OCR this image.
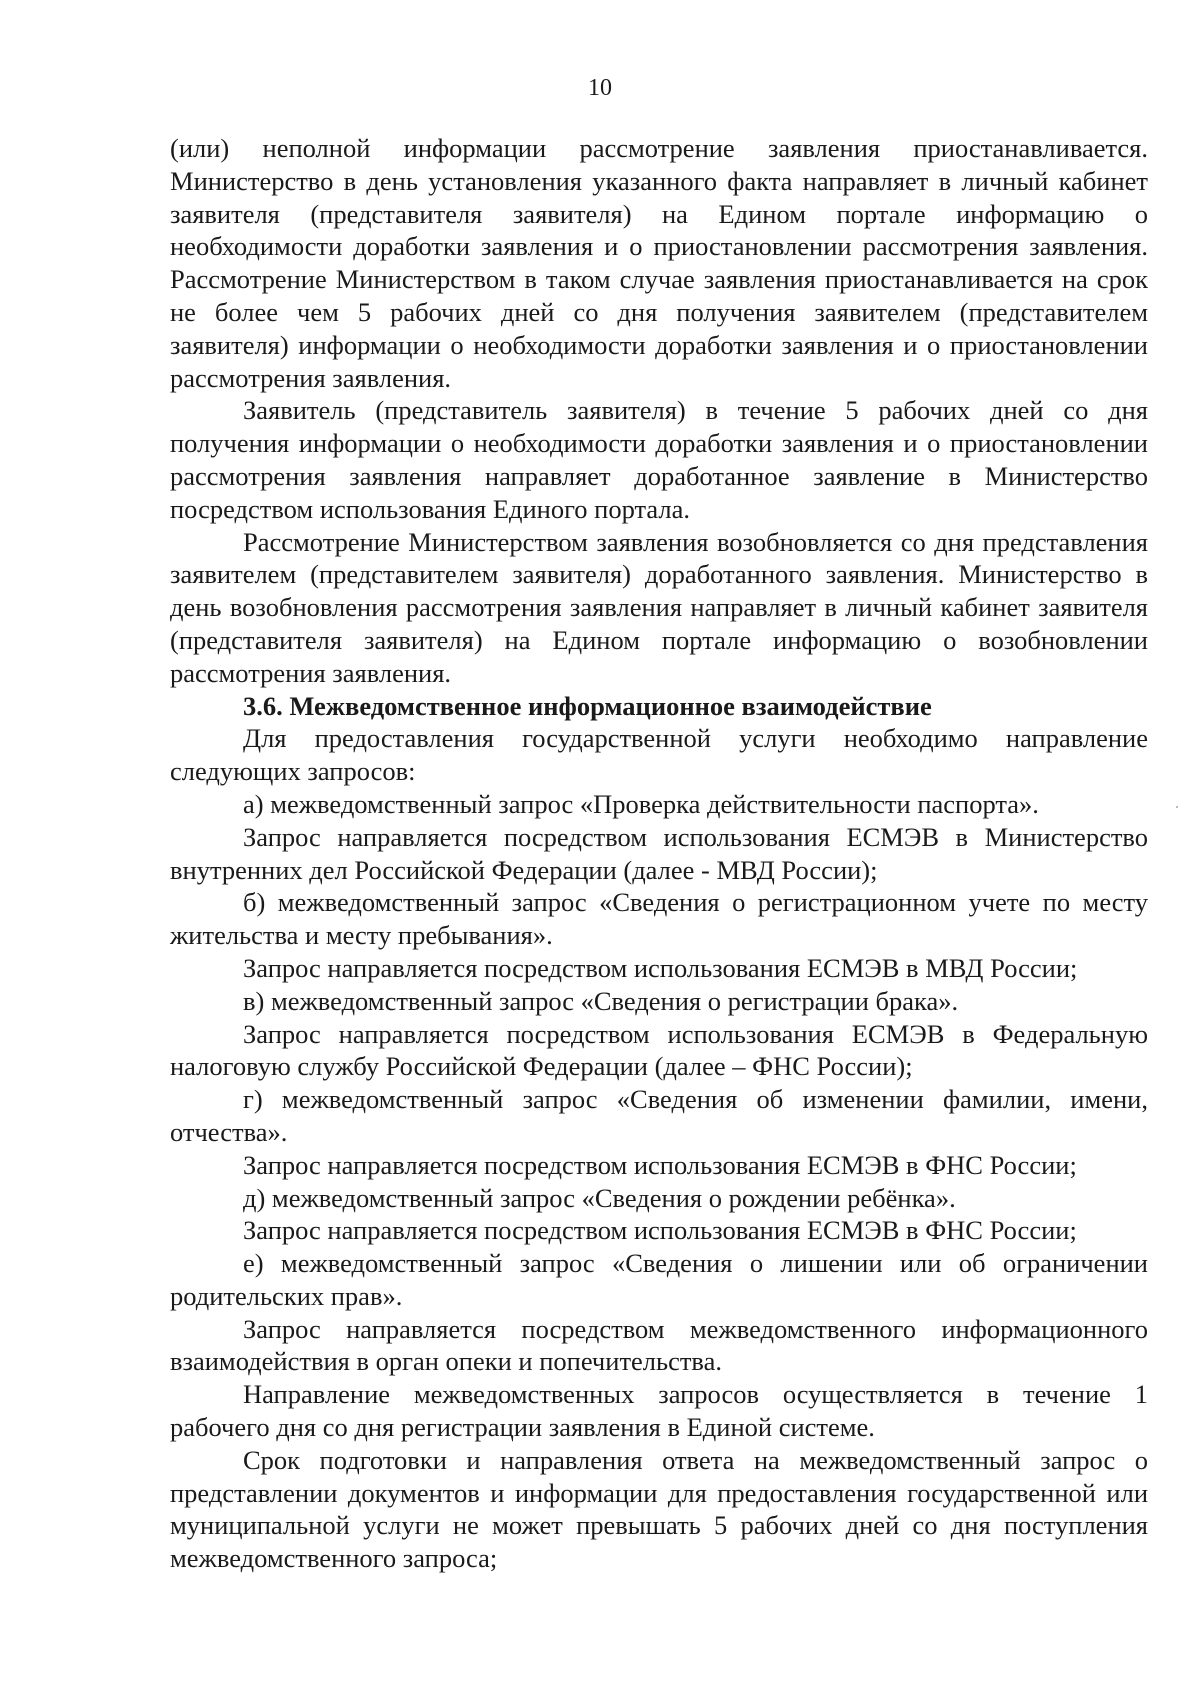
10

(или) неполной информации рассмотрение заявления приостанавливается. Министерство в день установления указанного факта направляет в личный кабинет заявителя (представителя заявителя) на Едином портале информацию о необходимости доработки заявления и о приостановлении рассмотрения заявления. Рассмотрение Министерством в таком случае заявления приостанавливается на срок не более чем 5 рабочих дней со дня получения заявителем (представителем заявителя) информации о необходимости доработки заявления и о приостановлении рассмотрения заявления.

Заявитель (представитель заявителя) в течение 5 рабочих дней со дня получения информации о необходимости доработки заявления и о приостановлении рассмотрения заявления направляет доработанное заявление в Министерство посредством использования Единого портала.

Рассмотрение Министерством заявления возобновляется со дня представления заявителем (представителем заявителя) доработанного заявления. Министерство в день возобновления рассмотрения заявления направляет в личный кабинет заявителя (представителя заявителя) на Едином портале информацию о возобновлении рассмотрения заявления.

3.6. Межведомственное информационное взаимодействие

Для предоставления государственной услуги необходимо направление следующих запросов:

а) межведомственный запрос «Проверка действительности паспорта».

Запрос направляется посредством использования ЕСМЭВ в Министерство внутренних дел Российской Федерации (далее - МВД России);

б) межведомственный запрос «Сведения о регистрационном учете по месту жительства и месту пребывания».

Запрос направляется посредством использования ЕСМЭВ в МВД России;

в) межведомственный запрос «Сведения о регистрации брака».

Запрос направляется посредством использования ЕСМЭВ в Федеральную налоговую службу Российской Федерации (далее – ФНС России);

г) межведомственный запрос «Сведения об изменении фамилии, имени, отчества».

Запрос направляется посредством использования ЕСМЭВ в ФНС России;

д) межведомственный запрос «Сведения о рождении ребёнка».

Запрос направляется посредством использования ЕСМЭВ в ФНС России;

е) межведомственный запрос «Сведения о лишении или об ограничении родительских прав».

Запрос направляется посредством межведомственного информационного взаимодействия в орган опеки и попечительства.

Направление межведомственных запросов осуществляется в течение 1 рабочего дня со дня регистрации заявления в Единой системе.

Срок подготовки и направления ответа на межведомственный запрос о представлении документов и информации для предоставления государственной или муниципальной услуги не может превышать 5 рабочих дней со дня поступления межведомственного запроса;
